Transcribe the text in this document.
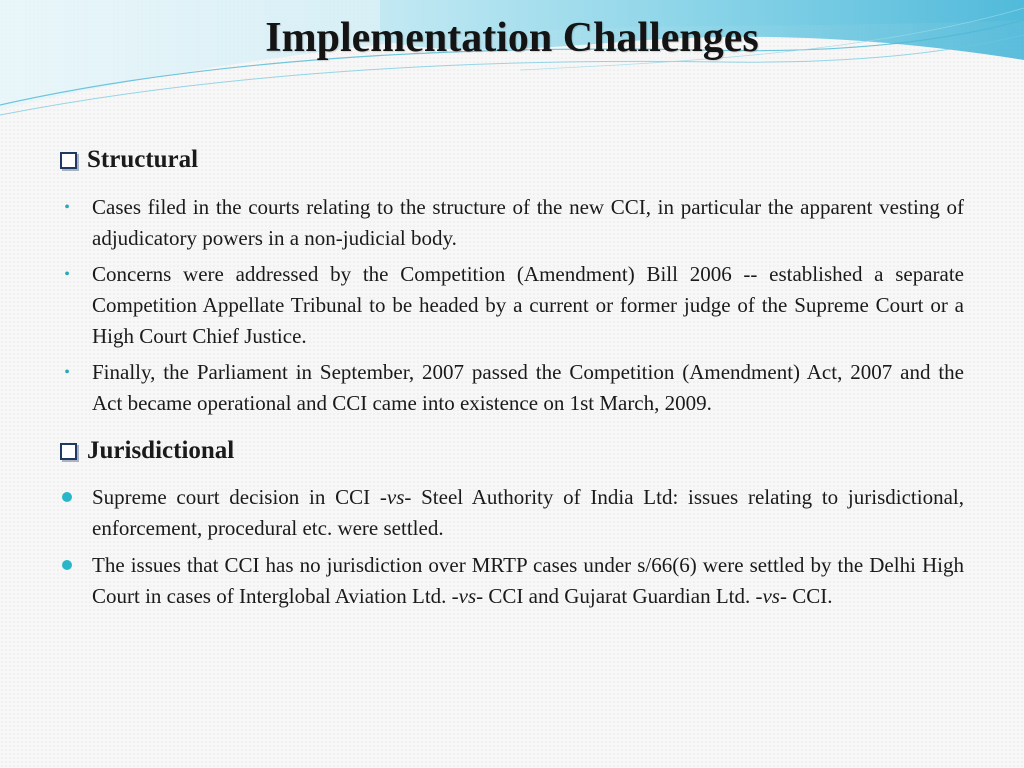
Implementation Challenges
Structural
• Cases filed in the courts relating to the structure of the new CCI, in particular the apparent vesting of adjudicatory powers in a non-judicial body.
• Concerns were addressed by the Competition (Amendment) Bill 2006 -- established a separate Competition Appellate Tribunal to be headed by a current or former judge of the Supreme Court or a High Court Chief Justice.
• Finally, the Parliament in September, 2007 passed the Competition (Amendment) Act, 2007 and the Act became operational and CCI came into existence on 1st March, 2009.
Jurisdictional
Supreme court decision in CCI -vs- Steel Authority of India Ltd: issues relating to jurisdictional, enforcement, procedural etc. were settled.
The issues that CCI has no jurisdiction over MRTP cases under s/66(6) were settled by the Delhi High Court in cases of Interglobal Aviation Ltd. -vs- CCI and Gujarat Guardian Ltd. -vs- CCI.
